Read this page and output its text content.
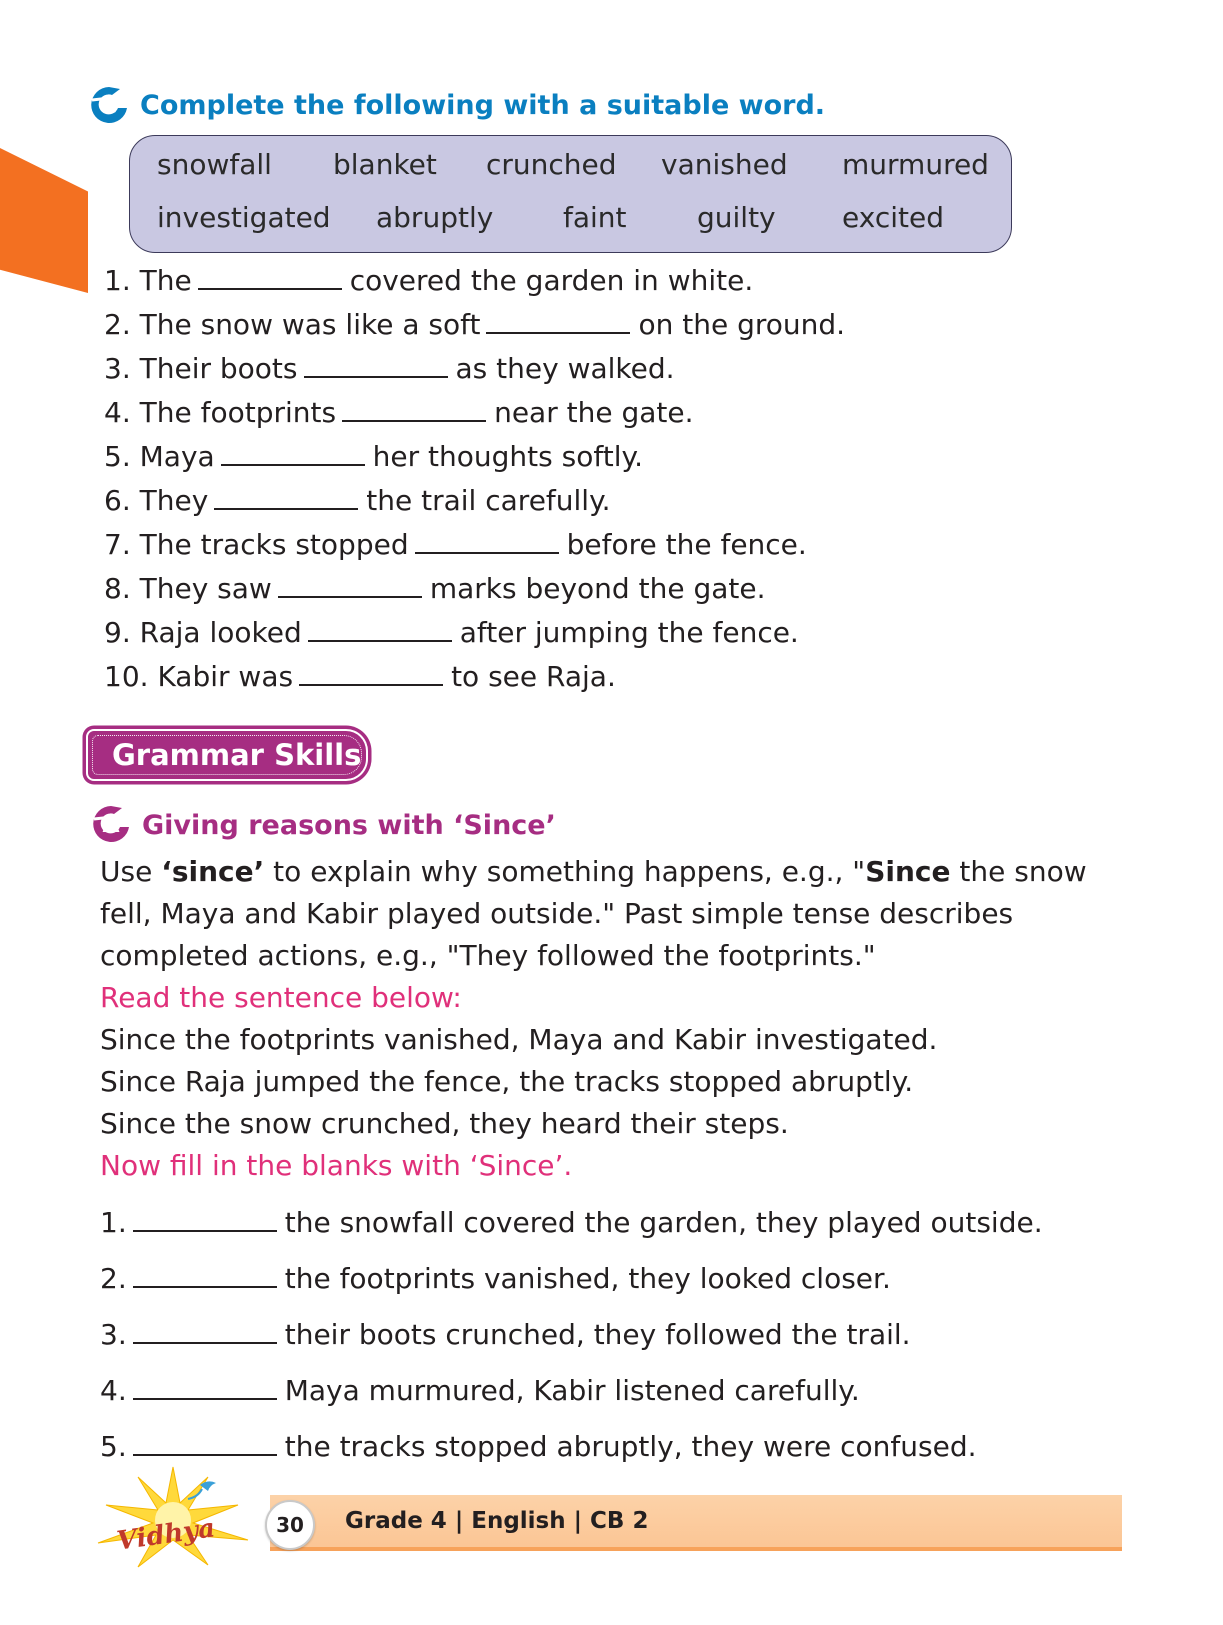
C Complete the following with a suitable word.
snowfall blanket crunched vanished murmured
investigated abruptly faint	guilty excited
1. The	covered the garden in white.
2. The snow was like a soft	on the ground.
3. Their boots	as they walked.
4. The footprints	near the gate.
5. Maya	her thoughts softly.
6. They	the trail carefully.
7. The tracks stopped	before the fence.
8. They saw	marks beyond the gate.
9. Raja looked	after jumping the fence.
10. Kabir was	to see Raja.
Grammar Skills
A Giving reasons with ‘Since’
Use ‘since’ to explain why something happens, e.g., "Since the snow
fell, Maya and Kabir played outside." Past simple tense describes
completed actions, e.g., "They followed the footprints."
Read the sentence below:
Since the footprints vanished, Maya and Kabir investigated.
Since Raja jumped the fence, the tracks stopped abruptly.
Since the snow crunched, they heard their steps.
Now fill in the blanks with ‘Since’.
1.	the snowfall covered the garden, they played outside.
2.	the footprints vanished, they looked closer.
3.	their boots crunched, they followed the trail.
4.	Maya murmured, Kabir listened carefully.
5.	the tracks stopped abruptly, they were confused.
Vidhya	30 Grade 4 | English | CB 2
